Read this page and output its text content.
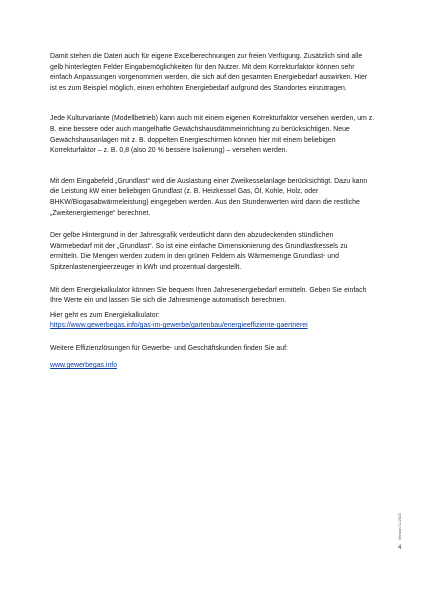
Damit stehen die Daten auch für eigene Excelberechnungen zur freien Verfügung. Zusätzlich sind alle gelb hinterlegten Felder Eingabemöglichkeiten für den Nutzer. Mit dem Korrekturfaktor können sehr einfach Anpassungen vorgenommen werden, die sich auf den gesamten Energiebedarf auswirken. Hier ist es zum Beispiel möglich, einen erhöhten Energiebedarf aufgrund des Standortes einzutragen.

Jede Kulturvariante (Modellbetrieb) kann auch mit einem eigenen Korrekturfaktor versehen werden, um z. B. eine bessere oder auch mangelhafte Gewächshausdämmeinrichtung zu berücksichtigen. Neue Gewächshausanlagen mit z. B. doppelten Energieschirmen können hier mit einem beliebigen Korrekturfaktor – z. B. 0,8 (also 20 % bessere Isolierung) – versehen werden.

Mit dem Eingabefeld „Grundlast“ wird die Auslastung einer Zweikesselanlage berücksichtigt. Dazu kann die Leistung kW einer beliebigen Grundlast (z. B. Heizkessel Gas, Öl, Kohle, Holz, oder BHKW/Biogasabwärmeleistung) eingegeben werden. Aus den Stundenwerten wird dann die restliche „Zweitenergiemenge“ berechnet.

Der gelbe Hintergrund in der Jahresgrafik verdeutlicht dann den abzudeckenden stündlichen Wärmebedarf mit der „Grundlast“. So ist eine einfache Dimensionierung des Grundlastkessels zu ermitteln. Die Mengen werden zudem in den grünen Feldern als Wärmemenge Grundlast- und Spitzenlastenergieerzeuger in kWh und prozentual dargestellt.

Mit dem Energiekalkulator können Sie bequem Ihren Jahresenergiebedarf ermitteln. Geben Sie einfach Ihre Werte ein und lassen Sie sich die Jahresmenge automatisch berechnen.

Hier geht es zum Energiekalkulator:

https://www.gewerbegas.info/gas-im-gewerbe/gartenbau/energieeffiziente-gaertnerei

Weitere Effizienzlösungen für Gewerbe- und Geschäftskunden finden Sie auf:

www.gewerbegas.info
Version 11/2022
4
